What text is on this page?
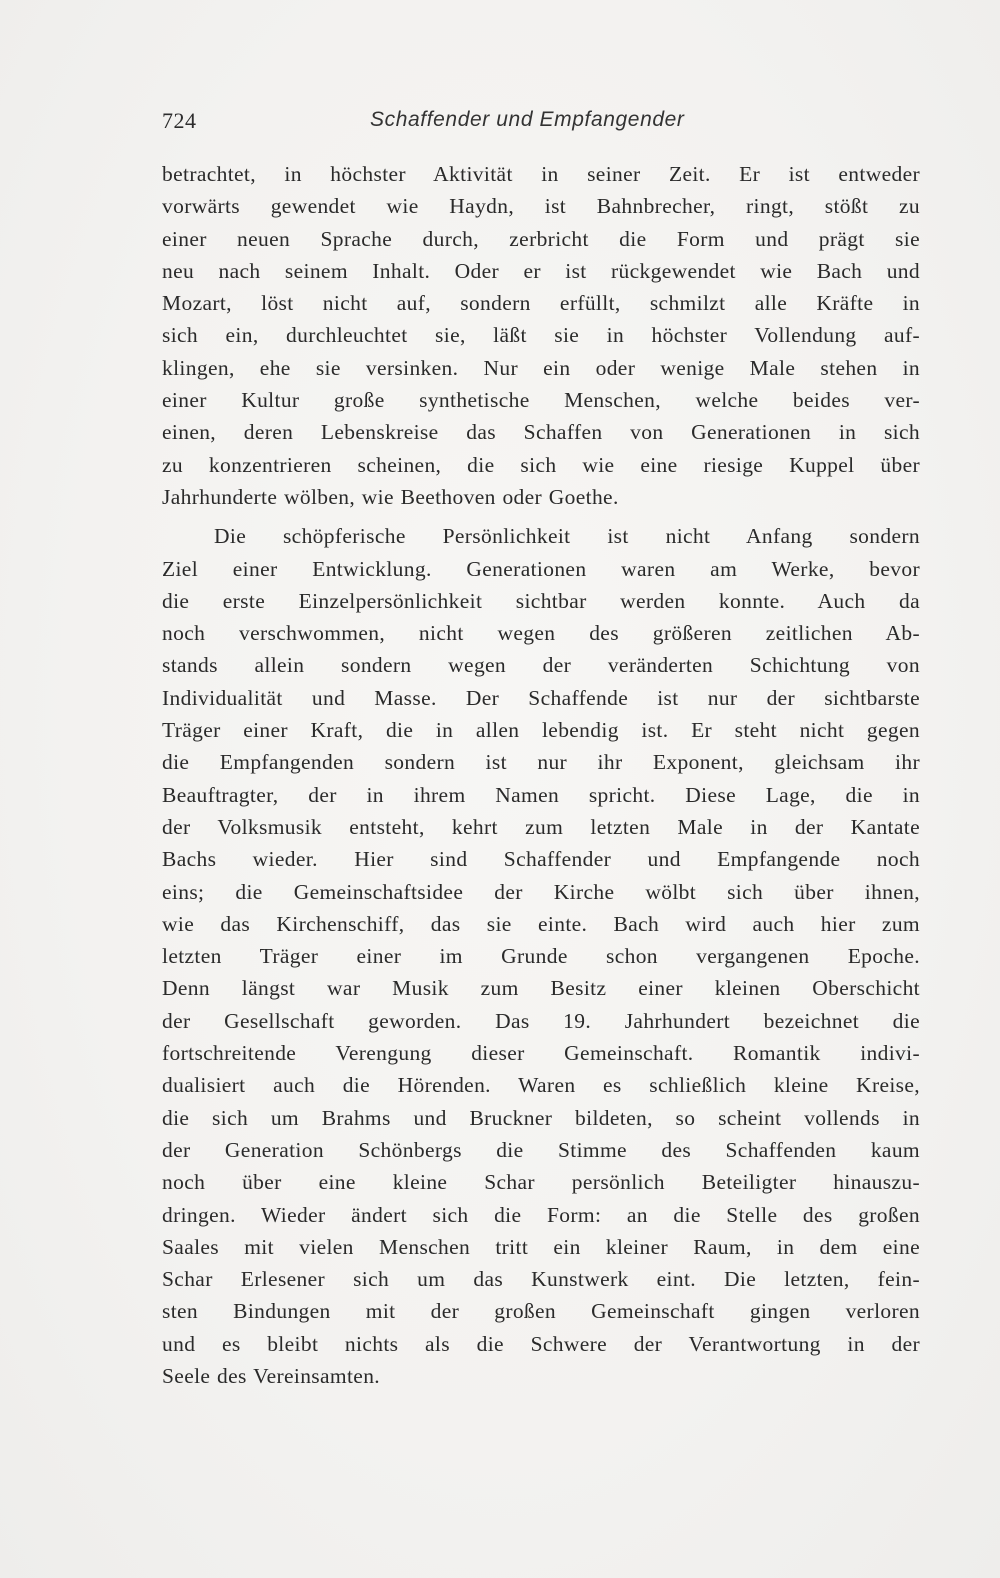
724	Schaffender und Empfangender
betrachtet, in höchster Aktivität in seiner Zeit. Er ist entweder
vorwärts gewendet wie Haydn, ist Bahnbrecher, ringt, stößt zu
einer neuen Sprache durch, zerbricht die Form und prägt sie
neu nach seinem Inhalt. Oder er ist rückgewendet wie Bach und
Mozart, löst nicht auf, sondern erfüllt, schmilzt alle Kräfte in
sich ein, durchleuchtet sie, läßt sie in höchster Vollendung auf-
klingen, ehe sie versinken. Nur ein oder wenige Male stehen in
einer Kultur große synthetische Menschen, welche beides ver-
einen, deren Lebenskreise das Schaffen von Generationen in sich
zu konzentrieren scheinen, die sich wie eine riesige Kuppel über
Jahrhunderte wölben, wie Beethoven oder Goethe.
Die schöpferische Persönlichkeit ist nicht Anfang sondern
Ziel einer Entwicklung. Generationen waren am Werke, bevor
die erste Einzelpersönlichkeit sichtbar werden konnte. Auch da
noch verschwommen, nicht wegen des größeren zeitlichen Ab-
stands allein sondern wegen der veränderten Schichtung von
Individualität und Masse. Der Schaffende ist nur der sichtbarste
Träger einer Kraft, die in allen lebendig ist. Er steht nicht gegen
die Empfangenden sondern ist nur ihr Exponent, gleichsam ihr
Beauftragter, der in ihrem Namen spricht. Diese Lage, die in
der Volksmusik entsteht, kehrt zum letzten Male in der Kantate
Bachs wieder. Hier sind Schaffender und Empfangende noch
eins; die Gemeinschaftsidee der Kirche wölbt sich über ihnen,
wie das Kirchenschiff, das sie einte. Bach wird auch hier zum
letzten Träger einer im Grunde schon vergangenen Epoche.
Denn längst war Musik zum Besitz einer kleinen Oberschicht
der Gesellschaft geworden. Das 19. Jahrhundert bezeichnet die
fortschreitende Verengung dieser Gemeinschaft. Romantik indivi-
dualisiert auch die Hörenden. Waren es schließlich kleine Kreise,
die sich um Brahms und Bruckner bildeten, so scheint vollends in
der Generation Schönbergs die Stimme des Schaffenden kaum
noch über eine kleine Schar persönlich Beteiligter hinauszu-
dringen. Wieder ändert sich die Form: an die Stelle des großen
Saales mit vielen Menschen tritt ein kleiner Raum, in dem eine
Schar Erlesener sich um das Kunstwerk eint. Die letzten, fein-
sten Bindungen mit der großen Gemeinschaft gingen verloren
und es bleibt nichts als die Schwere der Verantwortung in der
Seele des Vereinsamten.
